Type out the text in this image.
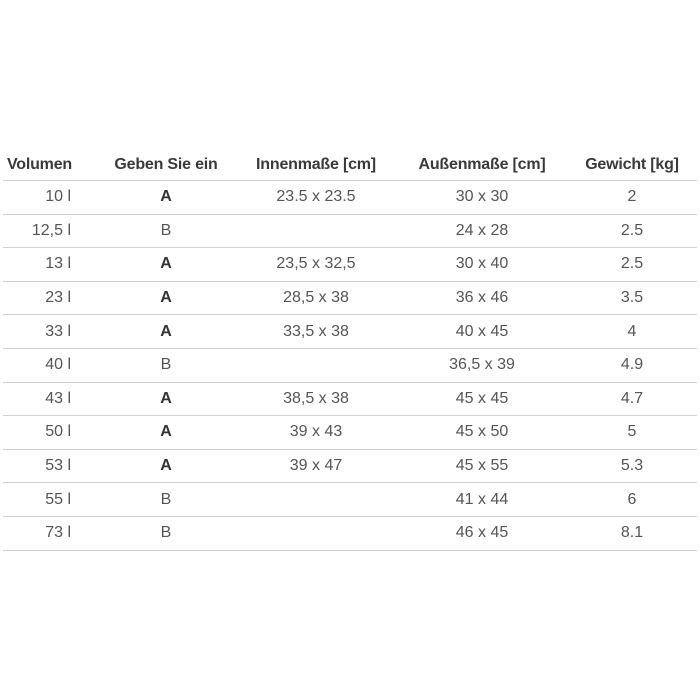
Volumen	Geben Sie ein	Innenmaße [cm]	Außenmaße [cm]	Gewicht [kg]
10 l	A	23.5 x 23.5	30 x 30	2
12,5 l	B		24 x 28	2.5
13 l	A	23,5 x 32,5	30 x 40	2.5
23 l	A	28,5 x 38	36 x 46	3.5
33 l	A	33,5 x 38	40 x 45	4
40 l	B		36,5 x 39	4.9
43 l	A	38,5 x 38	45 x 45	4.7
50 l	A	39 x 43	45 x 50	5
53 l	A	39 x 47	45 x 55	5.3
55 l	B		41 x 44	6
73 l	B		46 x 45	8.1
